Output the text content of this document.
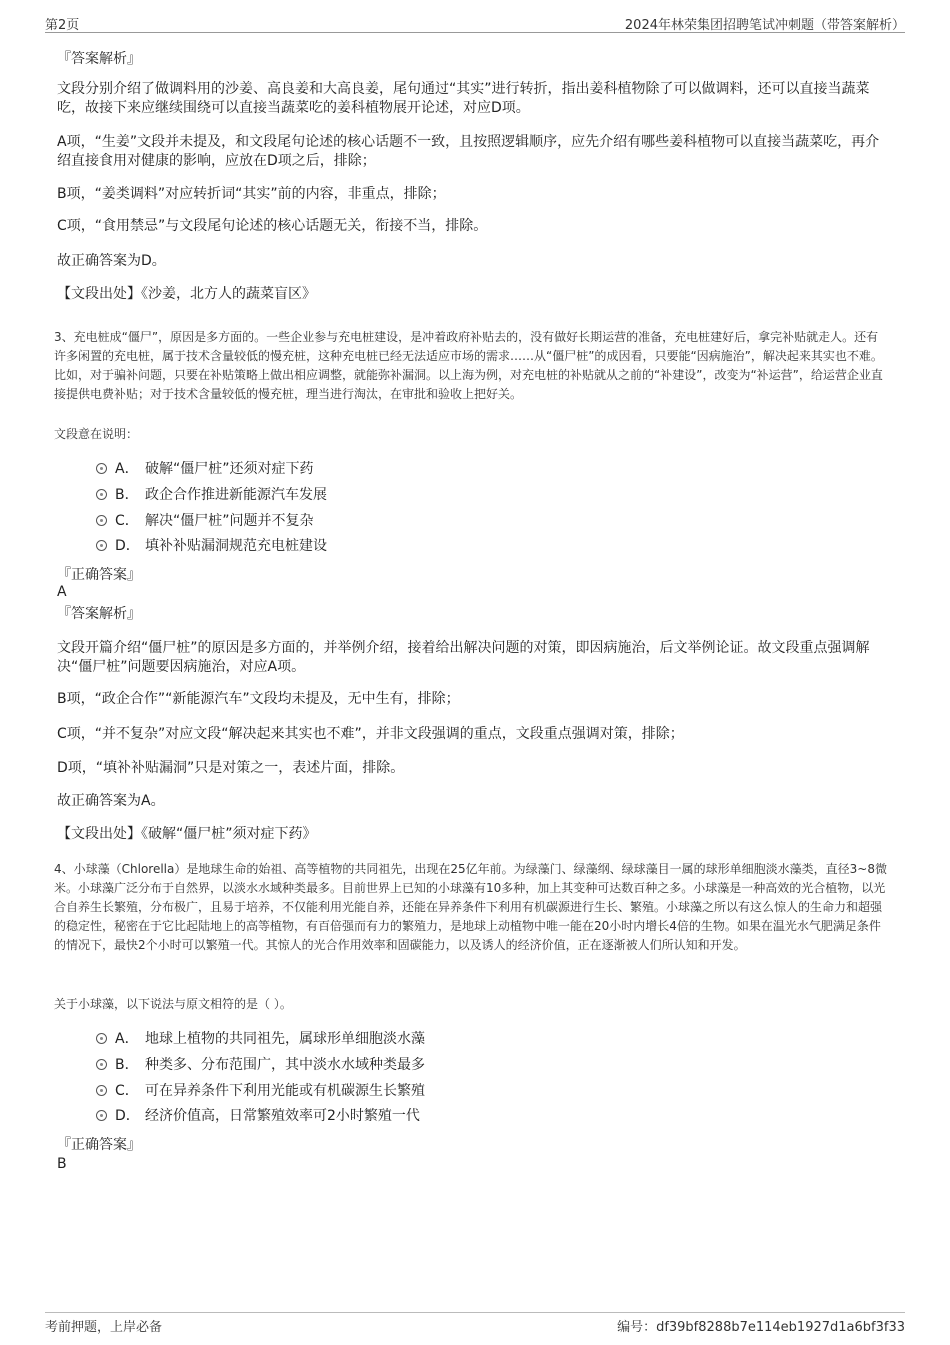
第2页	2024年林荣集团招聘笔试冲刺题（带答案解析）
『答案解析』
文段分别介绍了做调料用的沙姜、高良姜和大高良姜，尾句通过“其实”进行转折，指出姜科植物除了可以做调料，还可以直接当蔬菜吃，故接下来应继续围绕可以直接当蔬菜吃的姜科植物展开论述，对应D项。
A项，“生姜”文段并未提及，和文段尾句论述的核心话题不一致，且按照逻辑顺序，应先介绍有哪些姜科植物可以直接当蔬菜吃，再介绍直接食用对健康的影响，应放在D项之后，排除；
B项，“姜类调料”对应转折词“其实”前的内容，非重点，排除；
C项，“食用禁忌”与文段尾句论述的核心话题无关，衔接不当，排除。
故正确答案为D。
【文段出处】《沙姜，北方人的蔬菜盲区》
3、充电桩成“僵尸”，原因是多方面的。一些企业参与充电桩建设，是冲着政府补贴去的，没有做好长期运营的准备，充电桩建好后，拿完补贴就走人。还有许多闲置的充电桩，属于技术含量较低的慢充桩，这种充电桩已经无法适应市场的需求……从“僵尸桩”的成因看，只要能“因病施治”，解决起来其实也不难。比如，对于骗补问题，只要在补贴策略上做出相应调整，就能弥补漏洞。以上海为例，对充电桩的补贴就从之前的“补建设”，改变为“补运营”，给运营企业直接提供电费补贴；对于技术含量较低的慢充桩，理当进行淘汰，在审批和验收上把好关。
文段意在说明：
A． 破解“僵尸桩”还须对症下药
B． 政企合作推进新能源汽车发展
C． 解决“僵尸桩”问题并不复杂
D． 填补补贴漏洞规范充电桩建设
『正确答案』
A
『答案解析』
文段开篇介绍“僵尸桩”的原因是多方面的，并举例介绍，接着给出解决问题的对策，即因病施治，后文举例论证。故文段重点强调解决“僵尸桩”问题要因病施治，对应A项。
B项，“政企合作”“新能源汽车”文段均未提及，无中生有，排除；
C项，“并不复杂”对应文段“解决起来其实也不难”，并非文段强调的重点，文段重点强调对策，排除；
D项，“填补补贴漏洞”只是对策之一，表述片面，排除。
故正确答案为A。
【文段出处】《破解“僵尸桩”须对症下药》
4、小球藻（Chlorella）是地球生命的始祖、高等植物的共同祖先，出现在25亿年前。为绿藻门、绿藻纲、绿球藻目一属的球形单细胞淡水藻类，直径3~8微米。小球藻广泛分布于自然界，以淡水水域种类最多。目前世界上已知的小球藻有10多种，加上其变种可达数百种之多。小球藻是一种高效的光合植物，以光合自养生长繁殖，分布极广，且易于培养，不仅能利用光能自养，还能在异养条件下利用有机碳源进行生长、繁殖。小球藻之所以有这么惊人的生命力和超强的稳定性，秘密在于它比起陆地上的高等植物，有百倍强而有力的繁殖力，是地球上动植物中唯一能在20小时内增长4倍的生物。如果在温光水气肥满足条件的情况下，最快2个小时可以繁殖一代。其惊人的光合作用效率和固碳能力，以及诱人的经济价值，正在逐渐被人们所认知和开发。
关于小球藻，以下说法与原文相符的是（ ）。
A． 地球上植物的共同祖先，属球形单细胞淡水藻
B． 种类多、分布范围广，其中淡水水域种类最多
C． 可在异养条件下利用光能或有机碳源生长繁殖
D． 经济价值高，日常繁殖效率可2小时繁殖一代
『正确答案』
B
考前押题，上岸必备	编号：df39bf8288b7e114eb1927d1a6bf3f33
